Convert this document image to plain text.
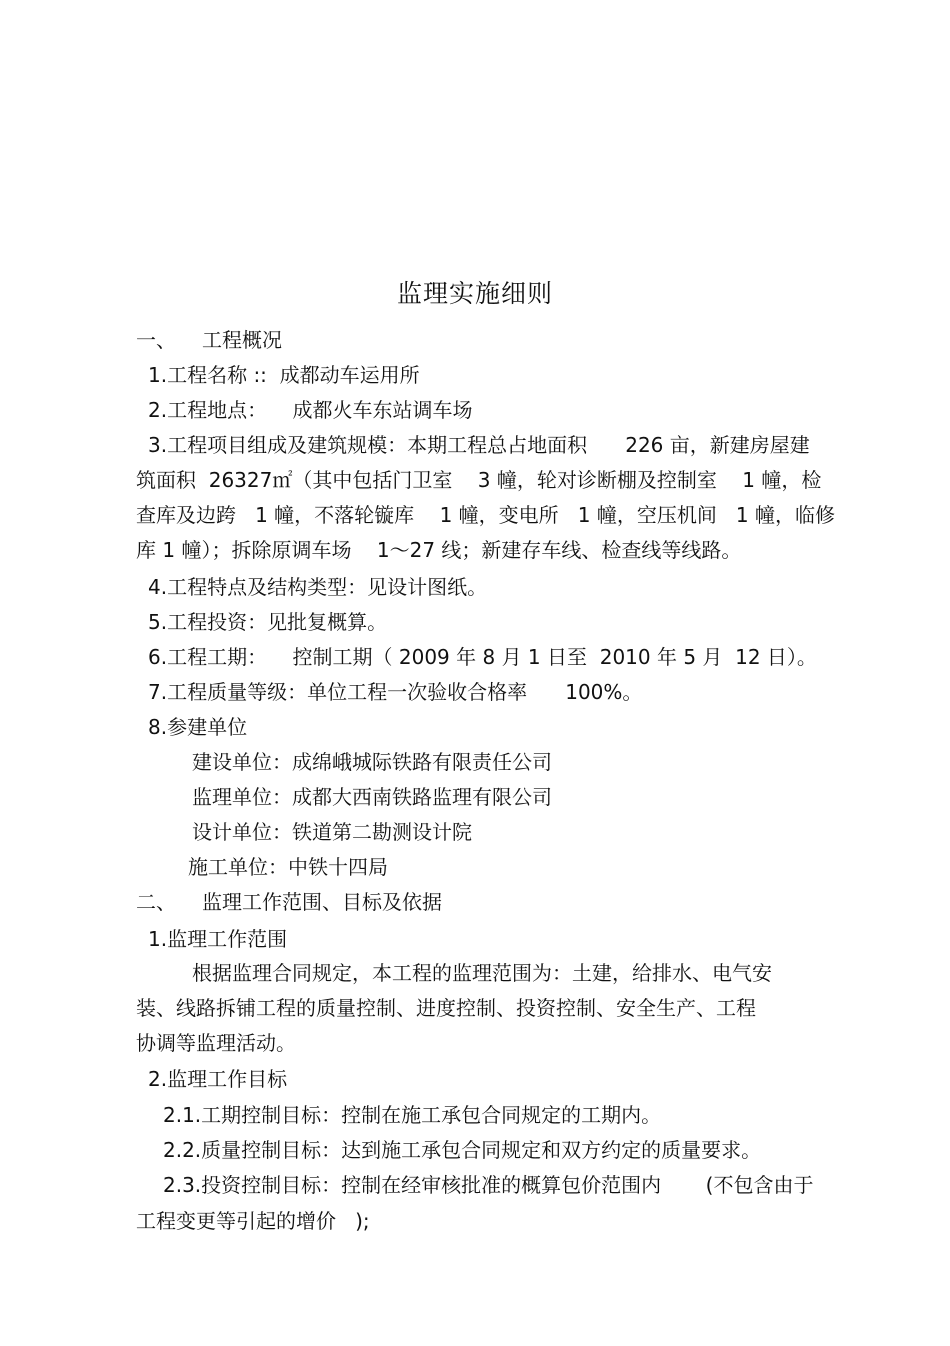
监理实施细则
一、 工程概况
1.工程名称 ::  成都动车运用所
2.工程地点：    成都火车东站调车场
3.工程项目组成及建筑规模：本期工程总占地面积      226 亩，新建房屋建
筑面积  26327㎡（其中包括门卫室    3 幢，轮对诊断棚及控制室    1 幢，检
查库及边跨   1 幢，不落轮镟库    1 幢，变电所   1 幢，空压机间   1 幢，临修
库 1 幢）；拆除原调车场    1～27 线；新建存车线、检查线等线路。
4.工程特点及结构类型：见设计图纸。
5.工程投资：见批复概算。
6.工程工期：    控制工期（ 2009 年 8 月 1 日至  2010 年 5 月  12 日）。
7.工程质量等级：单位工程一次验收合格率      100%。
8.参建单位
建设单位：成绵峨城际铁路有限责任公司
监理单位：成都大西南铁路监理有限公司
设计单位：铁道第二勘测设计院
施工单位：中铁十四局
二、 监理工作范围、目标及依据
1.监理工作范围
根据监理合同规定，本工程的监理范围为：土建，给排水、电气安
装、线路拆铺工程的质量控制、进度控制、投资控制、安全生产、工程
协调等监理活动。
2.监理工作目标
2.1.工期控制目标：控制在施工承包合同规定的工期内。
2.2.质量控制目标：达到施工承包合同规定和双方约定的质量要求。
2.3.投资控制目标：控制在经审核批准的概算包价范围内       (不包含由于
工程变更等引起的增价   );
